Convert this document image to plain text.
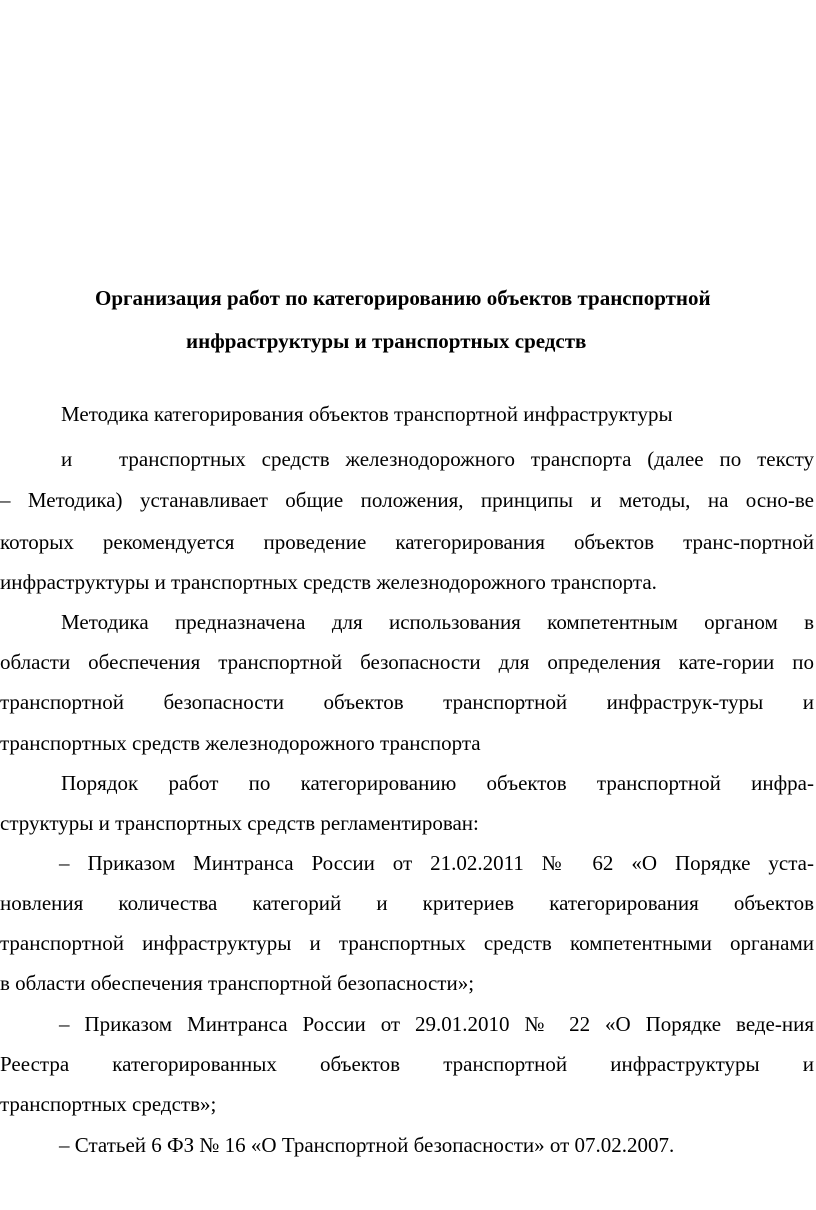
Организация работ по категорированию объектов транспортной
инфраструктуры и транспортных средств
Методика категорирования объектов транспортной инфраструктуры
и транспортных средств железнодорожного транспорта (далее по тексту
– Методика) устанавливает общие положения, принципы и методы, на осно-ве
которых рекомендуется проведение категорирования объектов транс-портной
инфраструктуры и транспортных средств железнодорожного транспорта.
Методика предназначена для использования компетентным органом в
области обеспечения транспортной безопасности для определения кате-гории по
транспортной безопасности объектов транспортной инфраструк-туры и
транспортных средств железнодорожного транспорта
Порядок работ по категорированию объектов транспортной инфра-
структуры и транспортных средств регламентирован:
– Приказом Минтранса России от 21.02.2011 № 62 «О Порядке уста-
новления количества категорий и критериев категорирования объектов
транспортной инфраструктуры и транспортных средств компетентными органами
в области обеспечения транспортной безопасности»;
– Приказом Минтранса России от 29.01.2010 № 22 «О Порядке веде-ния
Реестра категорированных объектов транспортной инфраструктуры и
транспортных средств»;
– Статьей 6 ФЗ № 16 «О Транспортной безопасности» от 07.02.2007.
